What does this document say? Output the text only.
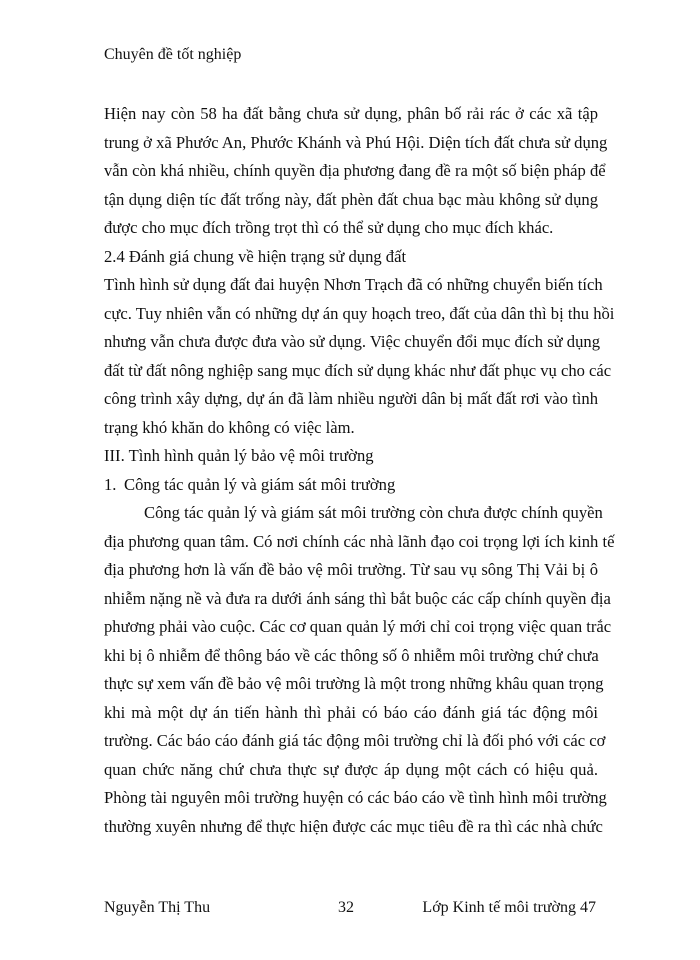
Chuyên đề tốt nghiệp

Hiện nay còn 58 ha đất bằng chưa sử dụng, phân bố rải rác ở các xã tập
trung ở xã Phước An, Phước Khánh và Phú Hội. Diện tích đất chưa sử dụng
vẫn còn khá nhiều, chính quyền địa phương đang đề ra một số biện pháp để
tận dụng diện tíc đất trống này, đất phèn đất chua bạc màu không sử dụng
được cho mục đích trồng trọt thì có thể sử dụng cho mục đích khác.

2.4 Đánh giá chung về hiện trạng sử dụng đất

Tình hình sử dụng đất đai huyện Nhơn Trạch đã có những chuyển biến tích
cực. Tuy nhiên vẫn có những dự án quy hoạch treo, đất của dân thì bị thu hồi
nhưng vẫn chưa được đưa vào sử dụng. Việc chuyển đổi mục đích sử dụng
đất từ đất nông nghiệp sang mục đích sử dụng khác như đất phục vụ cho các
công trình xây dựng, dự án đã làm nhiều người dân bị mất đất rơi vào tình
trạng khó khăn do không có việc làm.

III. Tình hình quản lý bảo vệ môi trường

1. Công tác quản lý và giám sát môi trường

Công tác quản lý và giám sát môi trường còn chưa được chính quyền
địa phương quan tâm. Có nơi chính các nhà lãnh đạo coi trọng lợi ích kinh tế
địa phương hơn là vấn đề bảo vệ môi trường. Từ sau vụ sông Thị Vải bị ô
nhiễm nặng nề và đưa ra dưới ánh sáng thì bắt buộc các cấp chính quyền địa
phương phải vào cuộc. Các cơ quan quản lý mới chỉ coi trọng việc quan trắc
khi bị ô nhiễm để thông báo về các thông số ô nhiễm môi trường chứ chưa
thực sự xem vấn đề bảo vệ môi trường là một trong những khâu quan trọng
khi mà một dự án tiến hành thì phải có báo cáo đánh giá tác động môi
trường. Các báo cáo đánh giá tác động môi trường chỉ là đối phó với các cơ
quan chức năng chứ chưa thực sự được áp dụng một cách có hiệu quả.
Phòng tài nguyên môi trường huyện có các báo cáo về tình hình môi trường
thường xuyên nhưng để thực hiện được các mục tiêu đề ra thì các nhà chức

Nguyễn Thị Thu	32	Lớp Kinh tế môi trường 47
